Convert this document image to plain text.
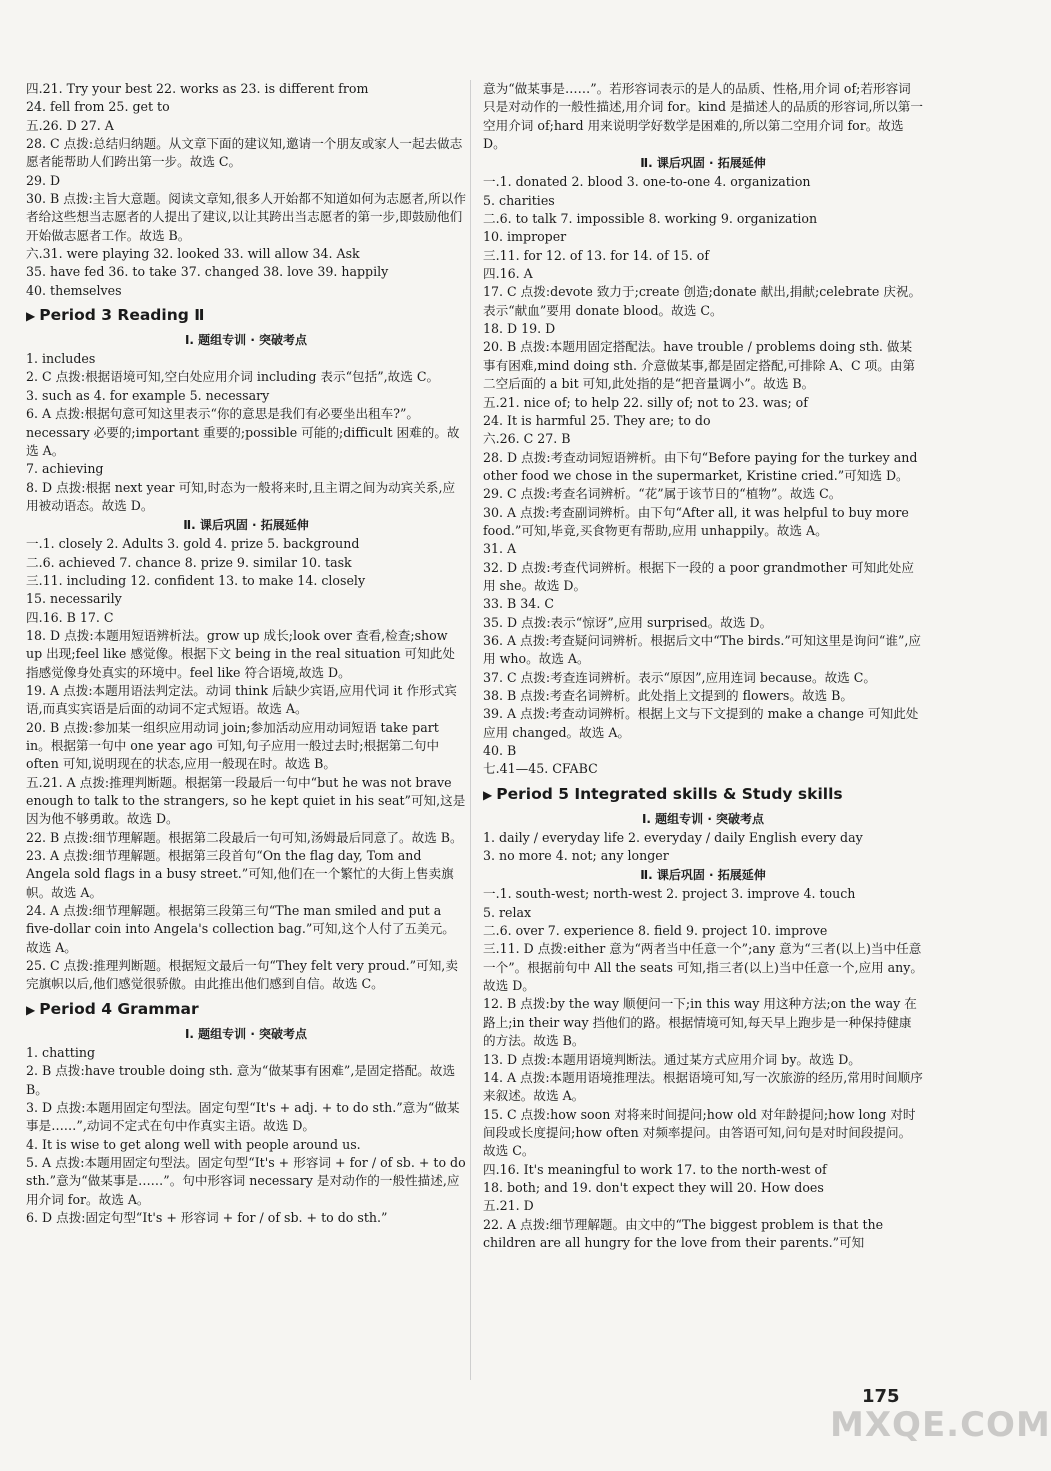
四.21. Try your best 22. works as 23. is different from
24. fell from 25. get to
五.26. D 27. A
28. C 点拨:总结归纳题。从文章下面的建议知,邀请一个朋友或家人一起去做志愿者能帮助人们跨出第一步。故选 C。
29. D
30. B 点拨:主旨大意题。阅读文章知,很多人开始都不知道如何为志愿者,所以作者给这些想当志愿者的人提出了建议,以让其跨出当志愿者的第一步,即鼓励他们开始做志愿者工作。故选 B。
六.31. were playing 32. looked 33. will allow 34. Ask
35. have fed 36. to take 37. changed 38. love 39. happily
40. themselves
▶ Period 3 Reading Ⅱ
Ⅰ. 题组专训 · 突破考点
1. includes
2. C 点拨:根据语境可知,空白处应用介词 including 表示“包括”,故选 C。
3. such as 4. for example 5. necessary
6. A 点拨:根据句意可知这里表示“你的意思是我们有必要坐出租车?”。necessary 必要的;important 重要的;possible 可能的;difficult 困难的。故选 A。
7. achieving
8. D 点拨:根据 next year 可知,时态为一般将来时,且主谓之间为动宾关系,应用被动语态。故选 D。
Ⅱ. 课后巩固 · 拓展延伸
一.1. closely 2. Adults 3. gold 4. prize 5. background
二.6. achieved 7. chance 8. prize 9. similar 10. task
三.11. including 12. confident 13. to make 14. closely
15. necessarily
四.16. B 17. C
18. D 点拨:本题用短语辨析法。grow up 成长;look over 查看,检查;show up 出现;feel like 感觉像。根据下文 being in the real situation 可知此处指感觉像身处真实的环境中。feel like 符合语境,故选 D。
19. A 点拨:本题用语法判定法。动词 think 后缺少宾语,应用代词 it 作形式宾语,而真实宾语是后面的动词不定式短语。故选 A。
20. B 点拨:参加某一组织应用动词 join;参加活动应用动词短语 take part in。根据第一句中 one year ago 可知,句子应用一般过去时;根据第二句中 often 可知,说明现在的状态,应用一般现在时。故选 B。
五.21. A 点拨:推理判断题。根据第一段最后一句中“but he was not brave enough to talk to the strangers, so he kept quiet in his seat”可知,这是因为他不够勇敢。故选 D。
22. B 点拨:细节理解题。根据第二段最后一句可知,汤姆最后同意了。故选 B。
23. A 点拨:细节理解题。根据第三段首句“On the flag day, Tom and Angela sold flags in a busy street.”可知,他们在一个繁忙的大街上售卖旗帜。故选 A。
24. A 点拨:细节理解题。根据第三段第三句“The man smiled and put a five-dollar coin into Angela's collection bag.”可知,这个人付了五美元。故选 A。
25. C 点拨:推理判断题。根据短文最后一句“They felt very proud.”可知,卖完旗帜以后,他们感觉很骄傲。由此推出他们感到自信。故选 C。
▶ Period 4 Grammar
Ⅰ. 题组专训 · 突破考点
1. chatting
2. B 点拨:have trouble doing sth. 意为“做某事有困难”,是固定搭配。故选 B。
3. D 点拨:本题用固定句型法。固定句型“It's + adj. + to do sth.”意为“做某事是……”,动词不定式在句中作真实主语。故选 D。
4. It is wise to get along well with people around us.
5. A 点拨:本题用固定句型法。固定句型“It's + 形容词 + for / of sb. + to do sth.”意为“做某事是……”。句中形容词 necessary 是对动作的一般性描述,应用介词 for。故选 A。
6. D 点拨:固定句型“It's + 形容词 + for / of sb. + to do sth.”
意为“做某事是……”。若形容词表示的是人的品质、性格,用介词 of;若形容词只是对动作的一般性描述,用介词 for。kind 是描述人的品质的形容词,所以第一空用介词 of;hard 用来说明学好数学是困难的,所以第二空用介词 for。故选 D。
Ⅱ. 课后巩固 · 拓展延伸
一.1. donated 2. blood 3. one-to-one 4. organization
5. charities
二.6. to talk 7. impossible 8. working 9. organization
10. improper
三.11. for 12. of 13. for 14. of 15. of
四.16. A
17. C 点拨:devote 致力于;create 创造;donate 献出,捐献;celebrate 庆祝。表示“献血”要用 donate blood。故选 C。
18. D 19. D
20. B 点拨:本题用固定搭配法。have trouble / problems doing sth. 做某事有困难,mind doing sth. 介意做某事,都是固定搭配,可排除 A、C 项。由第二空后面的 a bit 可知,此处指的是“把音量调小”。故选 B。
五.21. nice of; to help 22. silly of; not to 23. was; of
24. It is harmful 25. They are; to do
六.26. C 27. B
28. D 点拨:考查动词短语辨析。由下句“Before paying for the turkey and other food we chose in the supermarket, Kristine cried.”可知选 D。
29. C 点拨:考查名词辨析。“花”属于该节日的“植物”。故选 C。
30. A 点拨:考查副词辨析。由下句“After all, it was helpful to buy more food.”可知,毕竟,买食物更有帮助,应用 unhappily。故选 A。
31. A
32. D 点拨:考查代词辨析。根据下一段的 a poor grandmother 可知此处应用 she。故选 D。
33. B 34. C
35. D 点拨:表示“惊讶”,应用 surprised。故选 D。
36. A 点拨:考查疑问词辨析。根据后文中“The birds.”可知这里是询问“谁”,应用 who。故选 A。
37. C 点拨:考查连词辨析。表示“原因”,应用连词 because。故选 C。
38. B 点拨:考查名词辨析。此处指上文提到的 flowers。故选 B。
39. A 点拨:考查动词辨析。根据上文与下文提到的 make a change 可知此处应用 changed。故选 A。
40. B
七.41—45. CFABC
▶ Period 5 Integrated skills & Study skills
Ⅰ. 题组专训 · 突破考点
1. daily / everyday life 2. everyday / daily English every day
3. no more 4. not; any longer
Ⅱ. 课后巩固 · 拓展延伸
一.1. south-west; north-west 2. project 3. improve 4. touch
5. relax
二.6. over 7. experience 8. field 9. project 10. improve
三.11. D 点拨:either 意为“两者当中任意一个”;any 意为“三者(以上)当中任意一个”。根据前句中 All the seats 可知,指三者(以上)当中任意一个,应用 any。故选 D。
12. B 点拨:by the way 顺便问一下;in this way 用这种方法;on the way 在路上;in their way 挡他们的路。根据情境可知,每天早上跑步是一种保持健康的方法。故选 B。
13. D 点拨:本题用语境判断法。通过某方式应用介词 by。故选 D。
14. A 点拨:本题用语境推理法。根据语境可知,写一次旅游的经历,常用时间顺序来叙述。故选 A。
15. C 点拨:how soon 对将来时间提问;how old 对年龄提问;how long 对时间段或长度提问;how often 对频率提问。由答语可知,问句是对时间段提问。故选 C。
四.16. It's meaningful to work 17. to the north-west of
18. both; and 19. don't expect they will 20. How does
五.21. D
22. A 点拨:细节理解题。由文中的“The biggest problem is that the children are all hungry for the love from their parents.”可知
175
MXQE.COM
